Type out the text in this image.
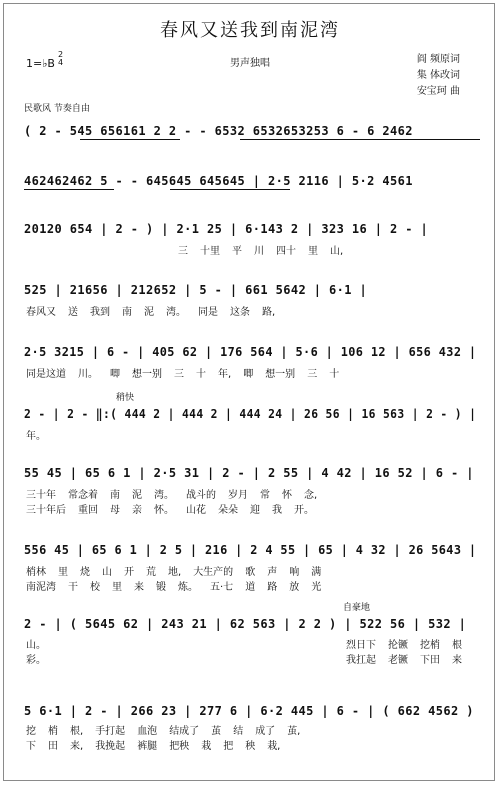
春风又送我到南泥湾
1=♭B
2
4	男声独唱	阎 频原词
集 体改词
安宝珂 曲
民歌风 节奏自由
稍快
自豪地
( 2 - 545 656161 2 2 - - 6532 6532653253 6 - 6 2462
462462462 5 - - 645645 645645 | 2·5 2116 | 5·2 4561
20120 654 | 2 - ) | 2·1 25 | 6·143 2 | 323 16 | 2 - |
三 十里 平 川 四十 里 山,
525 | 21656 | 212652 | 5 - | 661 5642 | 6·1 |
春风又 送 我到 南 泥 湾。 同是 这条 路,
2·5 3215 | 6 - | 405 62 | 176 564 | 5·6 | 106 12 | 656 432 |
同是这道 川。 唧 想一别 三 十 年, 唧 想一别 三 十
2 - | 2 - ‖:( 444 2 | 444 2 | 444 24 | 26 56 | 16 563 | 2 - ) |
年。
55 45 | 65 6 1 | 2·5 31 | 2 - | 2 55 | 4 42 | 16 52 | 6 - |
三十年 常念着 南 泥 湾。 战斗的 岁月 常 怀 念,
三十年后 重回 母 亲 怀。 山花 朵朵 迎 我 开。
556 45 | 65 6 1 | 2 5 | 216 | 2 4 55 | 65 | 4 32 | 26 5643 |
梢林 里 烧 山 开 荒 地, 大生产的 歌 声 响 满
南泥湾 干 校 里 来 锻 炼。 五·七 道 路 放 光
2 - | ( 5645 62 | 243 21 | 62 563 | 2 2 ) | 522 56 | 532 |
山。	烈日下 抡镢 挖梢 根
彩。	我扛起 老镢 下田 来
5 6·1 | 2 - | 266 23 | 277 6 | 6·2 445 | 6 - | ( 662 4562 )
挖 梢 根, 手打起 血泡 结成了 茧 结 成了 茧,
下 田 来, 我挽起 裤腿 把秧 栽 把 秧 栽,
